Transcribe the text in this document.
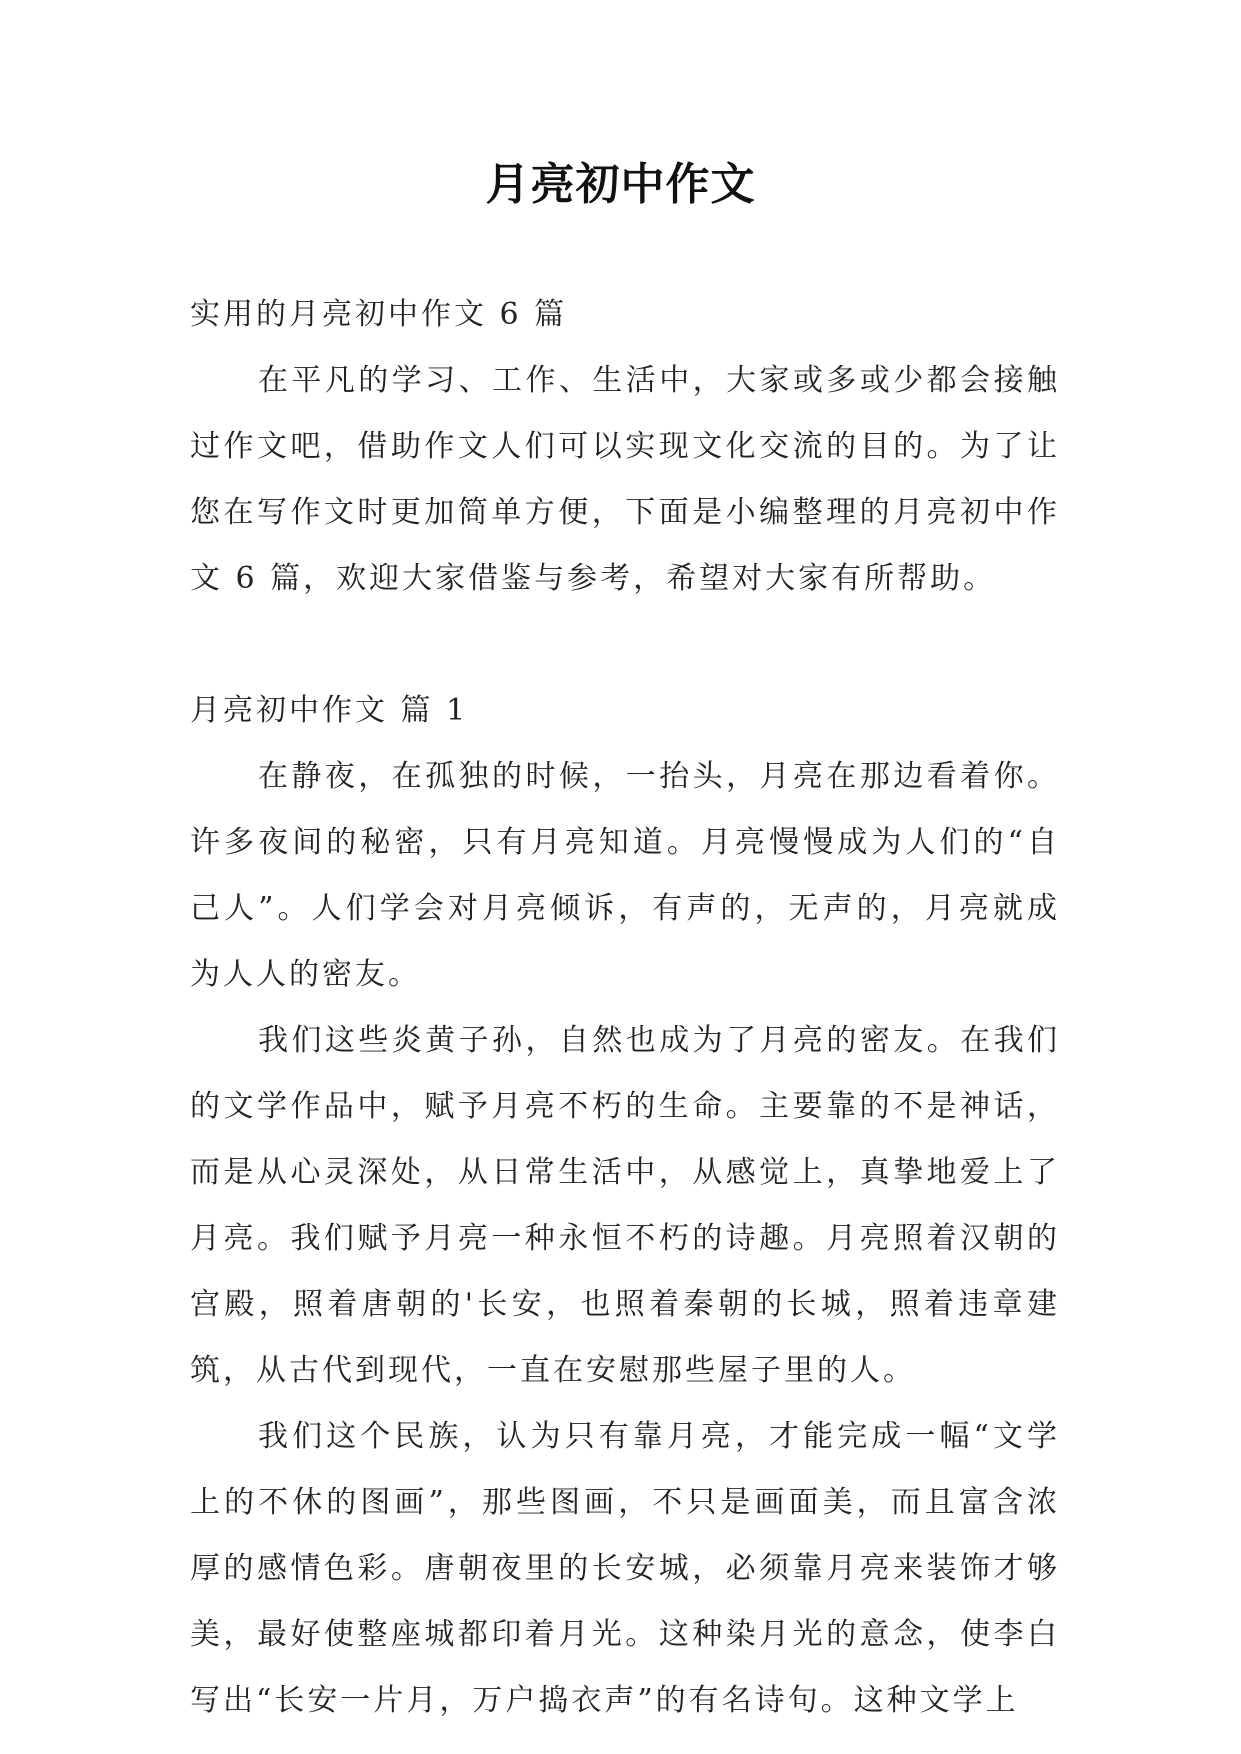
月亮初中作文

实用的月亮初中作文 6 篇

在平凡的学习、工作、生活中，大家或多或少都会接触过作文吧，借助作文人们可以实现文化交流的目的。为了让您在写作文时更加简单方便，下面是小编整理的月亮初中作文 6 篇，欢迎大家借鉴与参考，希望对大家有所帮助。

月亮初中作文 篇 1

在静夜，在孤独的时候，一抬头，月亮在那边看着你。许多夜间的秘密，只有月亮知道。月亮慢慢成为人们的“自己人”。人们学会对月亮倾诉，有声的，无声的，月亮就成为人人的密友。

我们这些炎黄子孙，自然也成为了月亮的密友。在我们的文学作品中，赋予月亮不朽的生命。主要靠的不是神话，而是从心灵深处，从日常生活中，从感觉上，真挚地爱上了月亮。我们赋予月亮一种永恒不朽的诗趣。月亮照着汉朝的宫殿，照着唐朝的'长安，也照着秦朝的长城，照着违章建筑，从古代到现代，一直在安慰那些屋子里的人。

我们这个民族，认为只有靠月亮，才能完成一幅“文学上的不休的图画”，那些图画，不只是画面美，而且富含浓厚的感情色彩。唐朝夜里的长安城，必须靠月亮来装饰才够美，最好使整座城都印着月光。这种染月光的意念，使李白写出“长安一片月，万户捣衣声”的有名诗句。这种文学上
